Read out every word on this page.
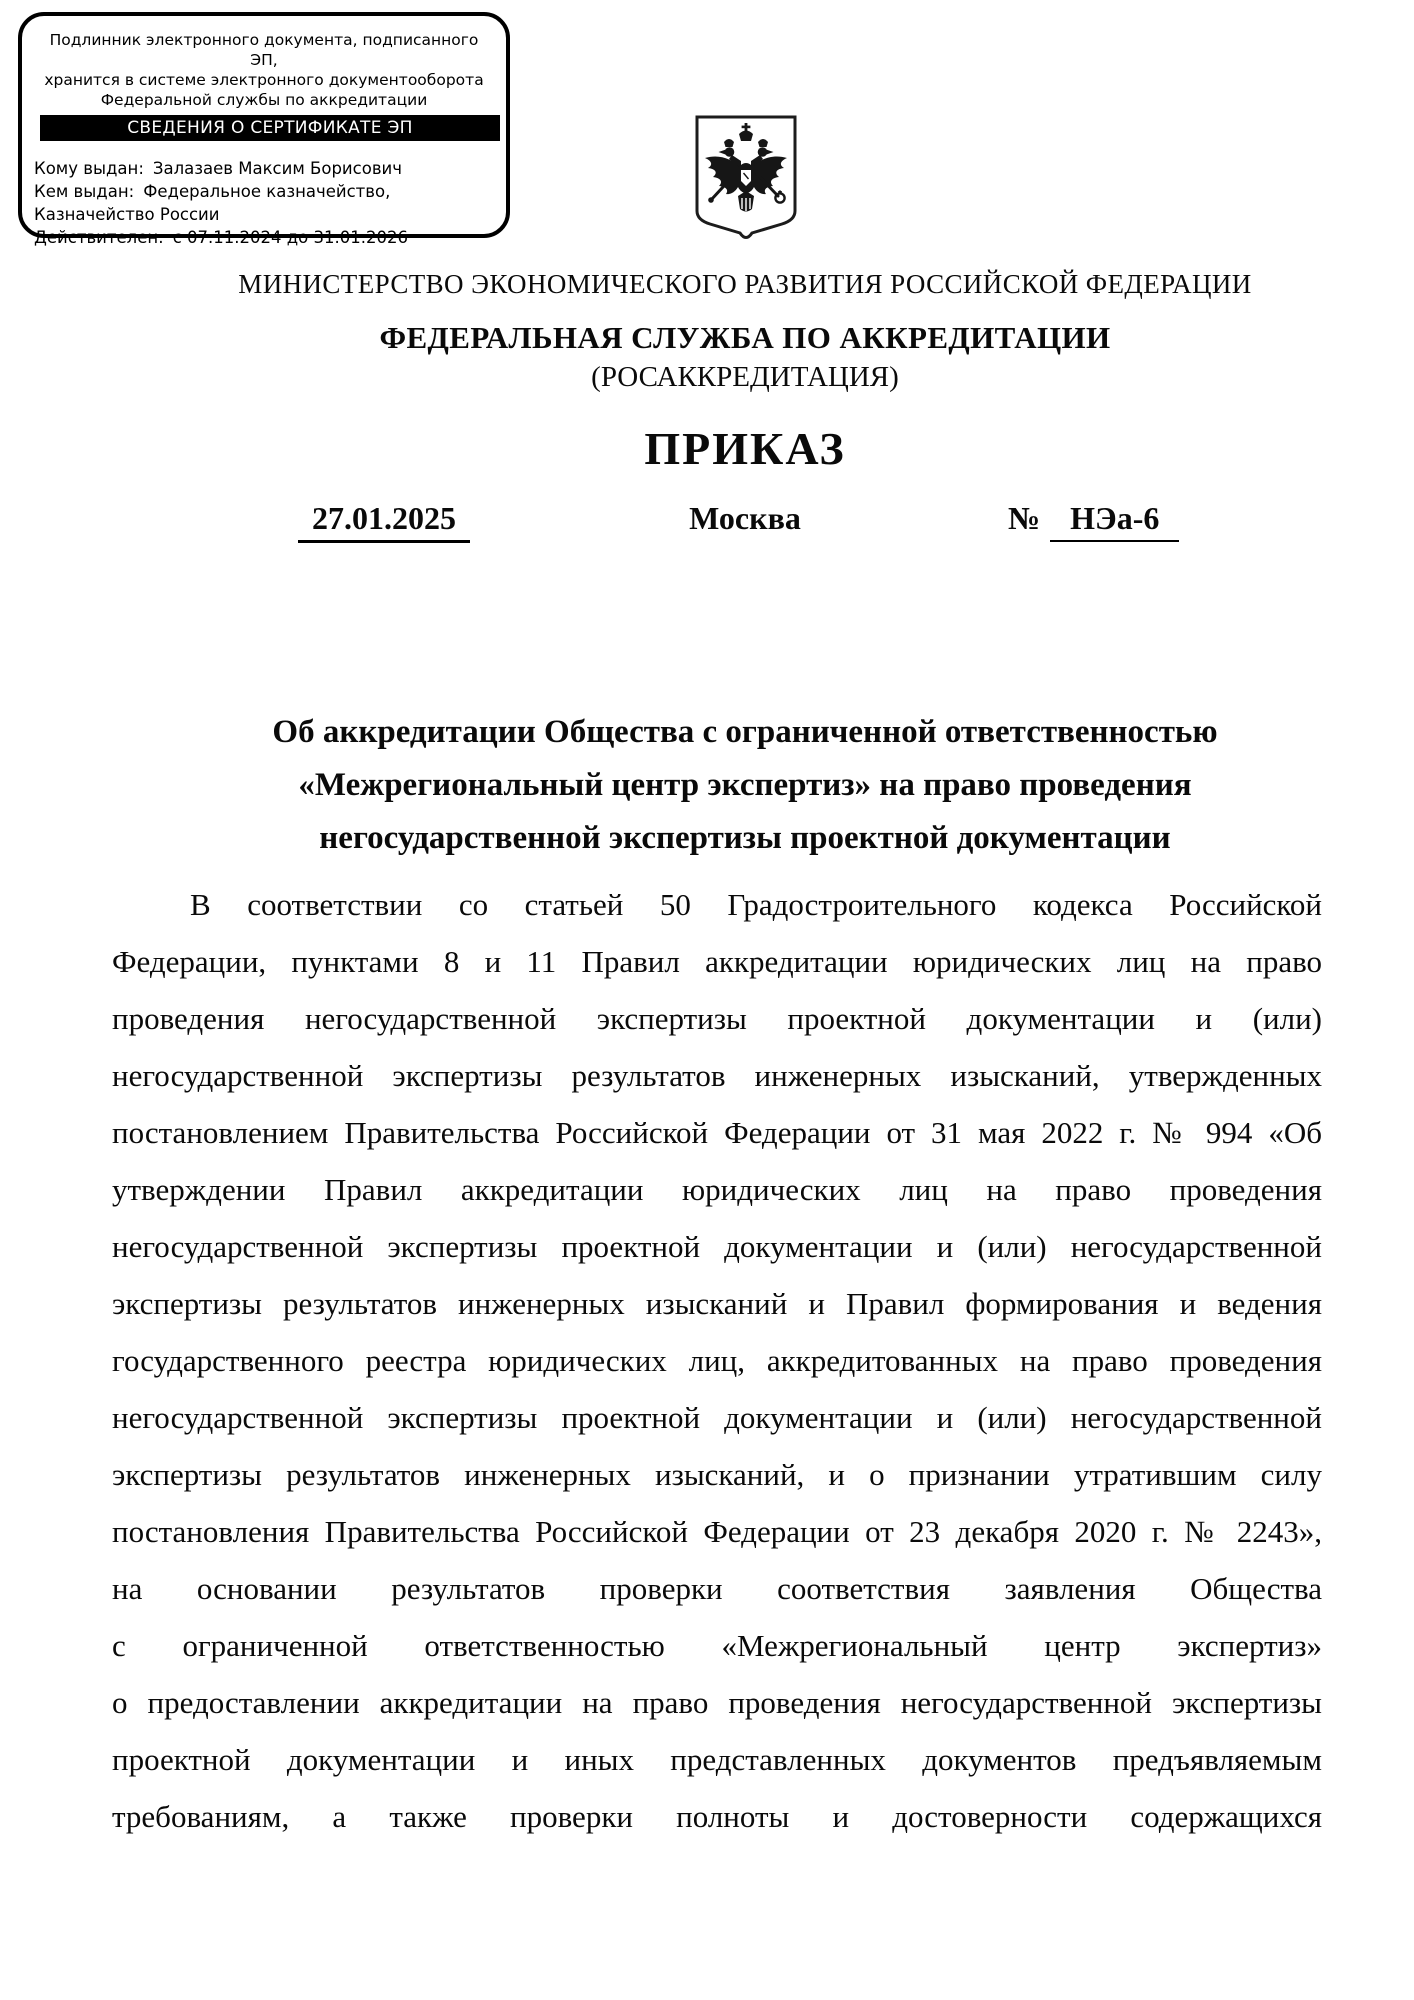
Подлинник электронного документа, подписанного ЭП,
хранится в системе электронного документооборота
Федеральной службы по аккредитации
СВЕДЕНИЯ О СЕРТИФИКАТЕ ЭП
Кому выдан: Залазаев Максим Борисович
Кем выдан: Федеральное казначейство, Казначейство России
Действителен: с 07.11.2024 до 31.01.2026
МИНИСТЕРСТВО ЭКОНОМИЧЕСКОГО РАЗВИТИЯ РОССИЙСКОЙ ФЕДЕРАЦИИ
ФЕДЕРАЛЬНАЯ СЛУЖБА ПО АККРЕДИТАЦИИ
(РОСАККРЕДИТАЦИЯ)
ПРИКАЗ
27.01.2025	Москва	№ НЭа-6
Об аккредитации Общества с ограниченной ответственностью
«Межрегиональный центр экспертиз» на право проведения
негосударственной экспертизы проектной документации
В соответствии со статьей 50 Градостроительного кодекса Российской
Федерации, пунктами 8 и 11 Правил аккредитации юридических лиц на право
проведения негосударственной экспертизы проектной документации и (или)
негосударственной экспертизы результатов инженерных изысканий, утвержденных
постановлением Правительства Российской Федерации от 31 мая 2022 г. № 994 «Об
утверждении Правил аккредитации юридических лиц на право проведения
негосударственной экспертизы проектной документации и (или) негосударственной
экспертизы результатов инженерных изысканий и Правил формирования и ведения
государственного реестра юридических лиц, аккредитованных на право проведения
негосударственной экспертизы проектной документации и (или) негосударственной
экспертизы результатов инженерных изысканий, и о признании утратившим силу
постановления Правительства Российской Федерации от 23 декабря 2020 г. № 2243»,
на основании результатов проверки соответствия заявления Общества
с ограниченной ответственностью «Межрегиональный центр экспертиз»
о предоставлении аккредитации на право проведения негосударственной экспертизы
проектной документации и иных представленных документов предъявляемым
требованиям, а также проверки полноты и достоверности содержащихся
